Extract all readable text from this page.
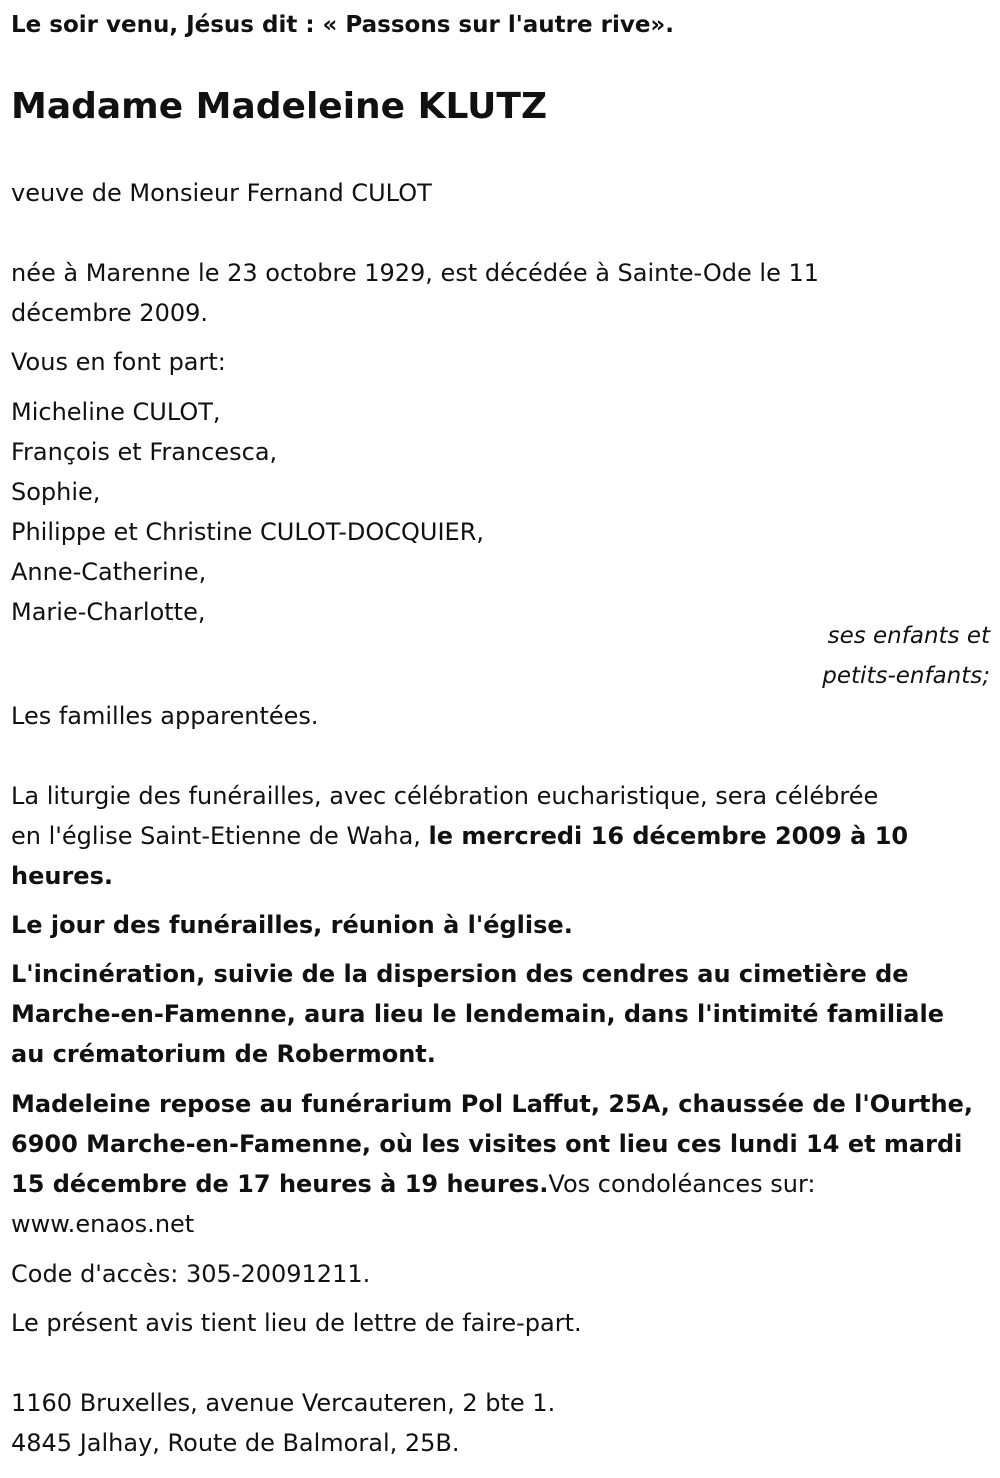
Le soir venu, Jésus dit : « Passons sur l'autre rive».

Madame Madeleine KLUTZ

veuve de Monsieur Fernand CULOT

née à Marenne le 23 octobre 1929, est décédée à Sainte-Ode le 11

décembre 2009.

Vous en font part:

Micheline CULOT,

François et Francesca,

Sophie,

Philippe et Christine CULOT-DOCQUIER,

Anne-Catherine,

Marie-Charlotte,

ses enfants et
petits-enfants;

Les familles apparentées.

La liturgie des funérailles, avec célébration eucharistique, sera célébrée

en l'église Saint-Etienne de Waha, le mercredi 16 décembre 2009 à 10

heures.

Le jour des funérailles, réunion à l'église.

L'incinération, suivie de la dispersion des cendres au cimetière de

Marche-en-Famenne, aura lieu le lendemain, dans l'intimité familiale

au crématorium de Robermont.

Madeleine repose au funérarium Pol Laffut, 25A, chaussée de l'Ourthe,

6900 Marche-en-Famenne, où les visites ont lieu ces lundi 14 et mardi

15 décembre de 17 heures à 19 heures.Vos condoléances sur:

www.enaos.net

Code d'accès: 305-20091211.

Le présent avis tient lieu de lettre de faire-part.

1160 Bruxelles, avenue Vercauteren, 2 bte 1.

4845 Jalhay, Route de Balmoral, 25B.
